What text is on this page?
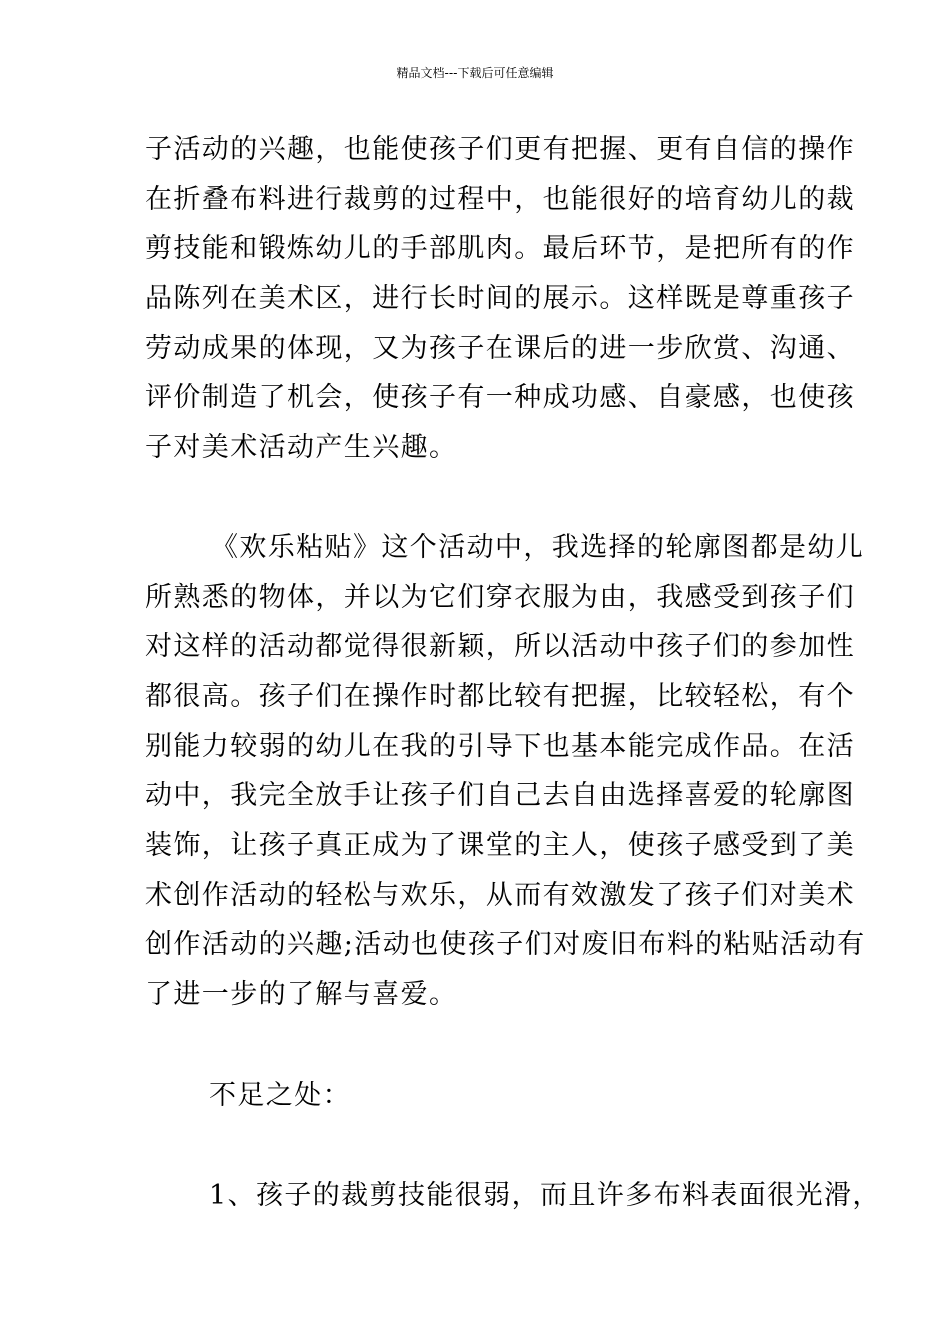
精品文档---下载后可任意编辑
子活动的兴趣，也能使孩子们更有把握、更有自信的操作
在折叠布料进行裁剪的过程中，也能很好的培育幼儿的裁
剪技能和锻炼幼儿的手部肌肉。最后环节，是把所有的作
品陈列在美术区，进行长时间的展示。这样既是尊重孩子
劳动成果的体现，又为孩子在课后的进一步欣赏、沟通、
评价制造了机会，使孩子有一种成功感、自豪感，也使孩
子对美术活动产生兴趣。
《欢乐粘贴》这个活动中，我选择的轮廓图都是幼儿
所熟悉的物体，并以为它们穿衣服为由，我感受到孩子们
对这样的活动都觉得很新颖，所以活动中孩子们的参加性
都很高。孩子们在操作时都比较有把握，比较轻松，有个
别能力较弱的幼儿在我的引导下也基本能完成作品。在活
动中，我完全放手让孩子们自己去自由选择喜爱的轮廓图
装饰，让孩子真正成为了课堂的主人，使孩子感受到了美
术创作活动的轻松与欢乐，从而有效激发了孩子们对美术
创作活动的兴趣;活动也使孩子们对废旧布料的粘贴活动有
了进一步的了解与喜爱。
不足之处：
1、孩子的裁剪技能很弱，而且许多布料表面很光滑，
